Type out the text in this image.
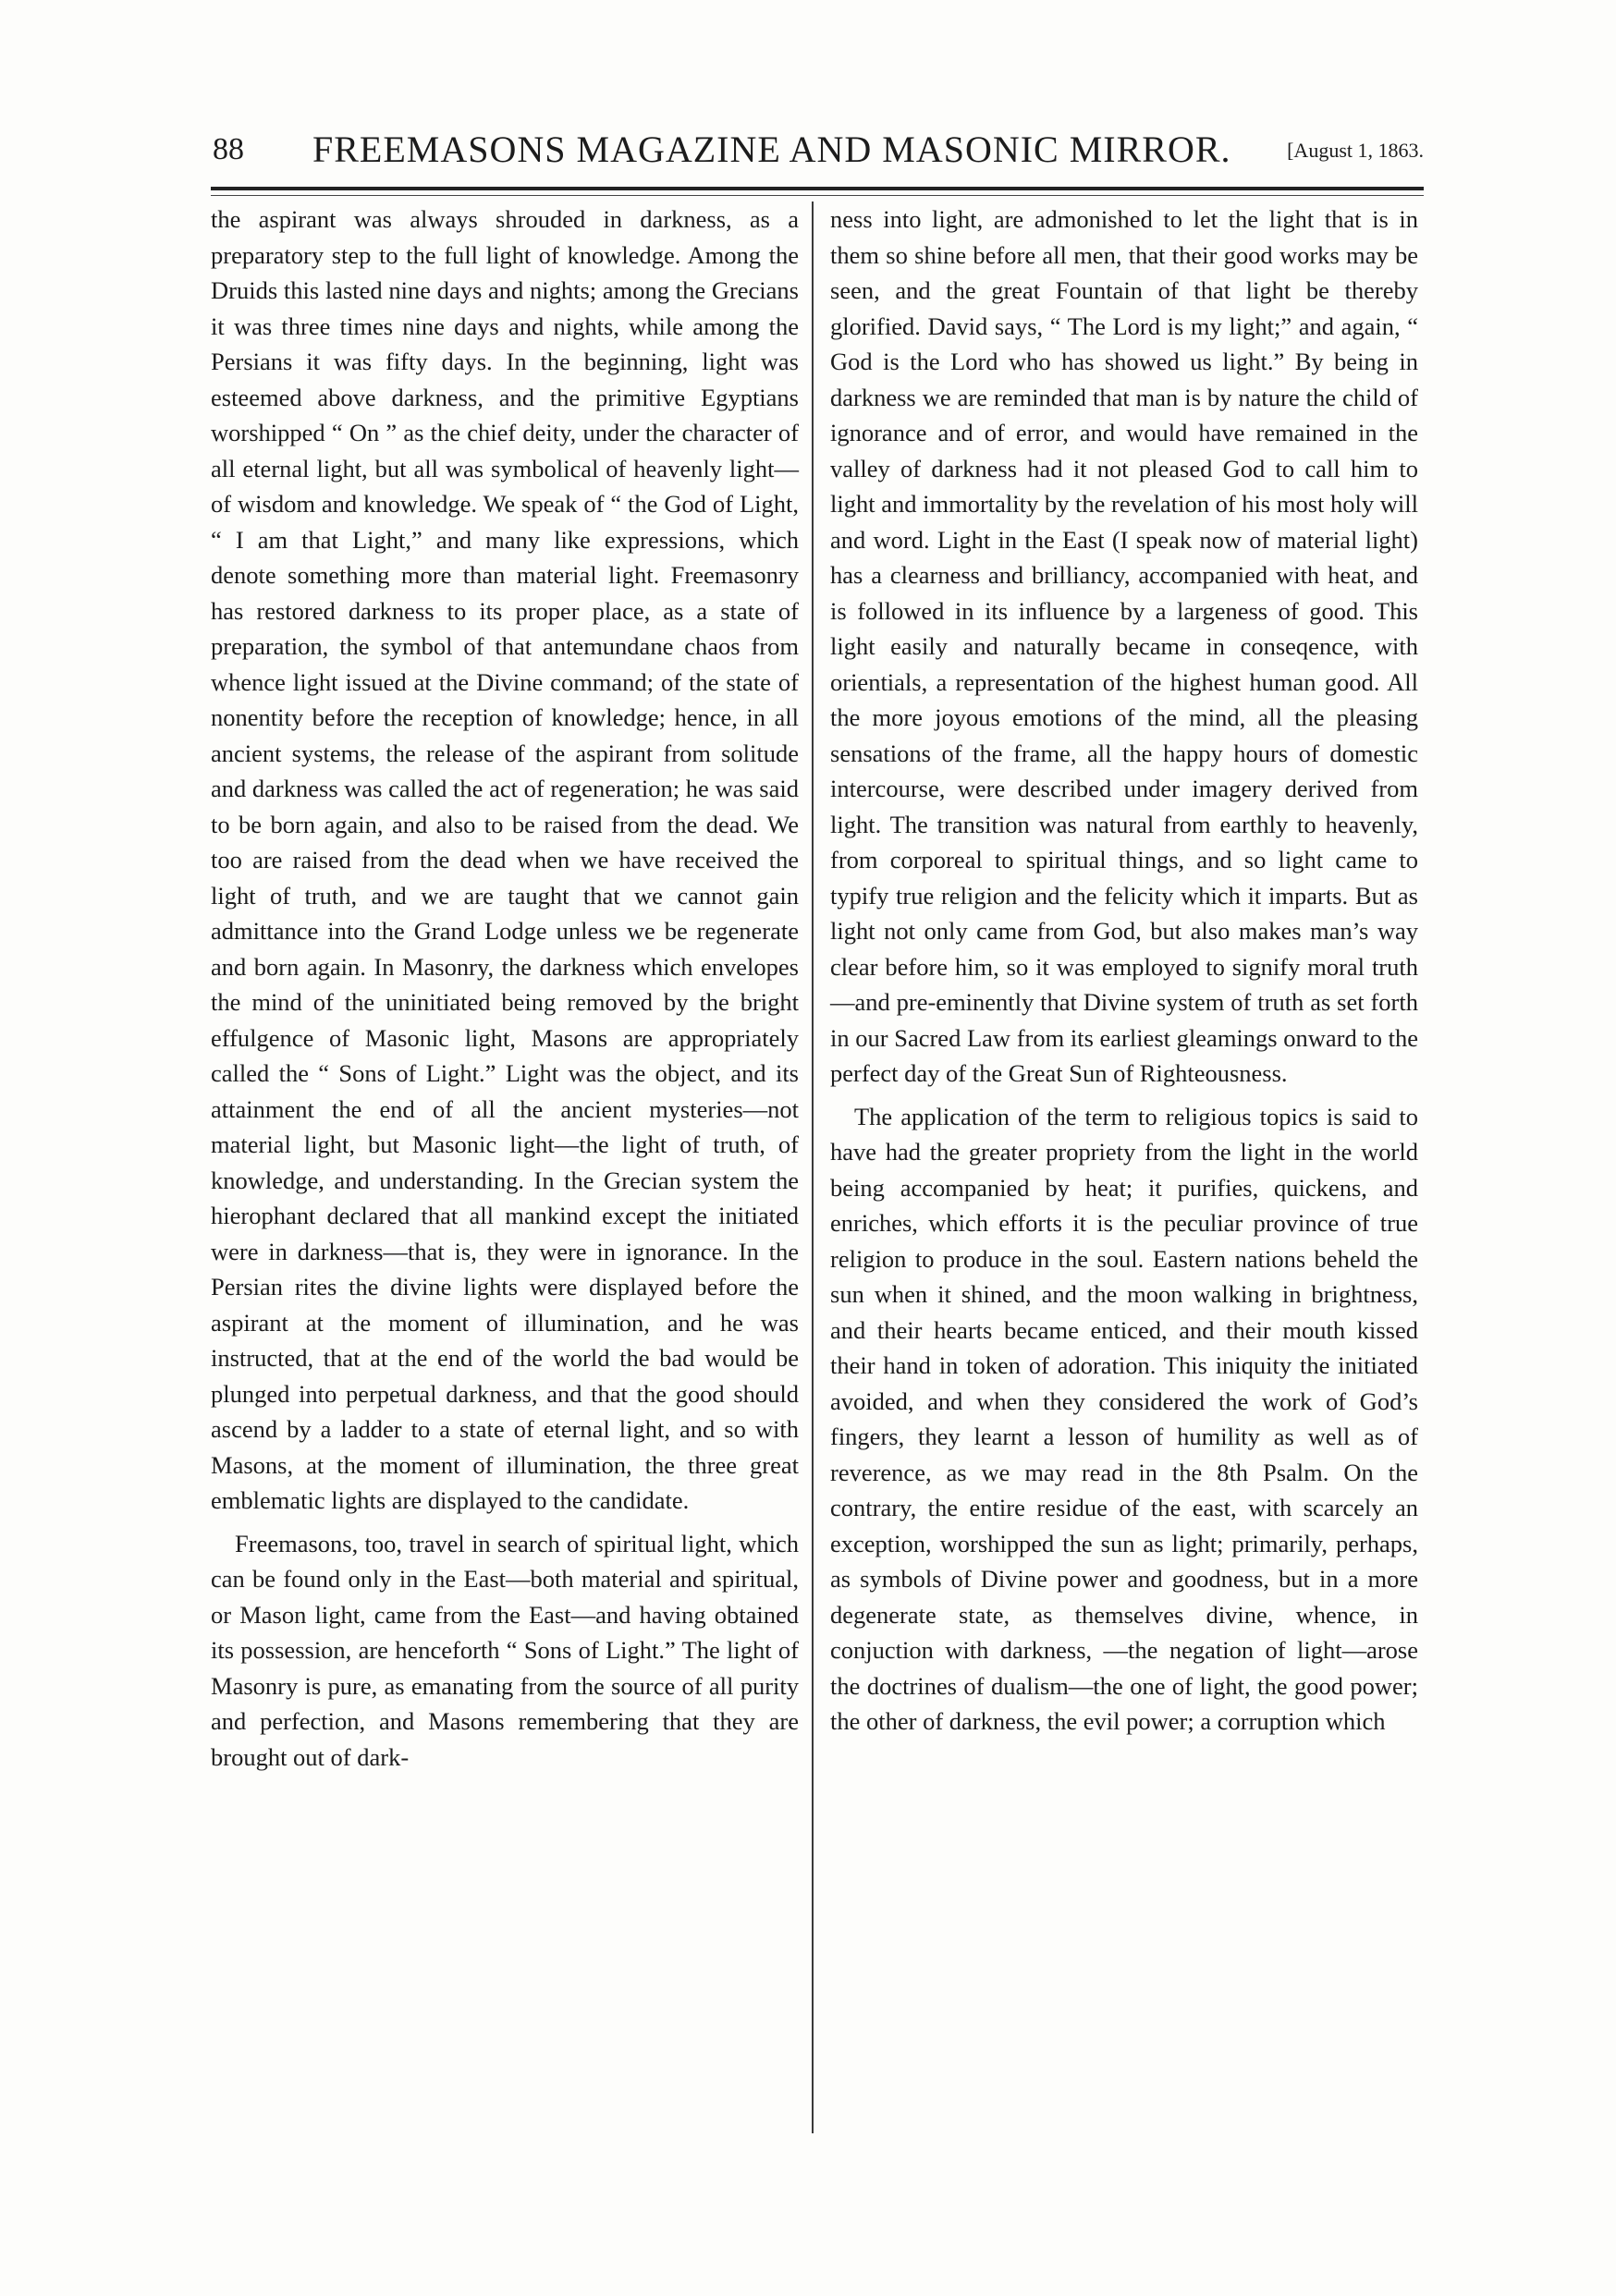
88 FREEMASONS MAGAZINE AND MASONIC MIRROR.	[August 1, 1863.

the aspirant was always shrouded in darkness, as a preparatory step to the full light of knowledge. Among the Druids this lasted nine days and nights; among the Grecians it was three times nine days and nights, while among the Persians it was fifty days. In the beginning, light was esteemed above darkness, and the primitive Egyptians worshipped “ On ” as the chief deity, under the character of all eternal light, but all was symbolical of heavenly light—of wisdom and knowledge. We speak of “ the God of Light, “ I am that Light,” and many like expressions, which denote something more than material light. Freemasonry has restored darkness to its proper place, as a state of preparation, the symbol of that antemundane chaos from whence light issued at the Divine command; of the state of nonentity before the reception of knowledge; hence, in all ancient systems, the release of the aspirant from solitude and darkness was called the act of regeneration; he was said to be born again, and also to be raised from the dead. We too are raised from the dead when we have received the light of truth, and we are taught that we cannot gain admittance into the Grand Lodge unless we be regenerate and born again. In Masonry, the darkness which envelopes the mind of the uninitiated being removed by the bright effulgence of Masonic light, Masons are appropriately called the “ Sons of Light.” Light was the object, and its attainment the end of all the ancient mysteries—not material light, but Masonic light—the light of truth, of knowledge, and understanding. In the Grecian system the hierophant declared that all mankind except the initiated were in darkness—that is, they were in ignorance. In the Persian rites the divine lights were displayed before the aspirant at the moment of illumination, and he was instructed, that at the end of the world the bad would be plunged into perpetual darkness, and that the good should ascend by a ladder to a state of eternal light, and so with Masons, at the moment of illumination, the three great emblematic lights are displayed to the candidate.

Freemasons, too, travel in search of spiritual light, which can be found only in the East—both material and spiritual, or Mason light, came from the East—and having obtained its possession, are henceforth “ Sons of Light.” The light of Masonry is pure, as emanating from the source of all purity and perfection, and Masons remembering that they are brought out of dark-

ness into light, are admonished to let the light that is in them so shine before all men, that their good works may be seen, and the great Fountain of that light be thereby glorified. David says, “ The Lord is my light;” and again, “ God is the Lord who has showed us light.” By being in darkness we are reminded that man is by nature the child of ignorance and of error, and would have remained in the valley of darkness had it not pleased God to call him to light and immortality by the revelation of his most holy will and word. Light in the East (I speak now of material light) has a clearness and brilliancy, accompanied with heat, and is followed in its influence by a largeness of good. This light easily and naturally became in conseqence, with orientials, a representation of the highest human good. All the more joyous emotions of the mind, all the pleasing sensations of the frame, all the happy hours of domestic intercourse, were described under imagery derived from light. The transition was natural from earthly to heavenly, from corporeal to spiritual things, and so light came to typify true religion and the felicity which it imparts. But as light not only came from God, but also makes man’s way clear before him, so it was employed to signify moral truth—and pre-eminently that Divine system of truth as set forth in our Sacred Law from its earliest gleamings onward to the perfect day of the Great Sun of Righteousness.

The application of the term to religious topics is said to have had the greater propriety from the light in the world being accompanied by heat; it purifies, quickens, and enriches, which efforts it is the peculiar province of true religion to produce in the soul. Eastern nations beheld the sun when it shined, and the moon walking in brightness, and their hearts became enticed, and their mouth kissed their hand in token of adoration. This iniquity the initiated avoided, and when they considered the work of God’s fingers, they learnt a lesson of humility as well as of reverence, as we may read in the 8th Psalm. On the contrary, the entire residue of the east, with scarcely an exception, worshipped the sun as light; primarily, perhaps, as symbols of Divine power and goodness, but in a more degenerate state, as themselves divine, whence, in conjuction with darkness, —the negation of light—arose the doctrines of dualism—the one of light, the good power; the other of darkness, the evil power; a corruption which
